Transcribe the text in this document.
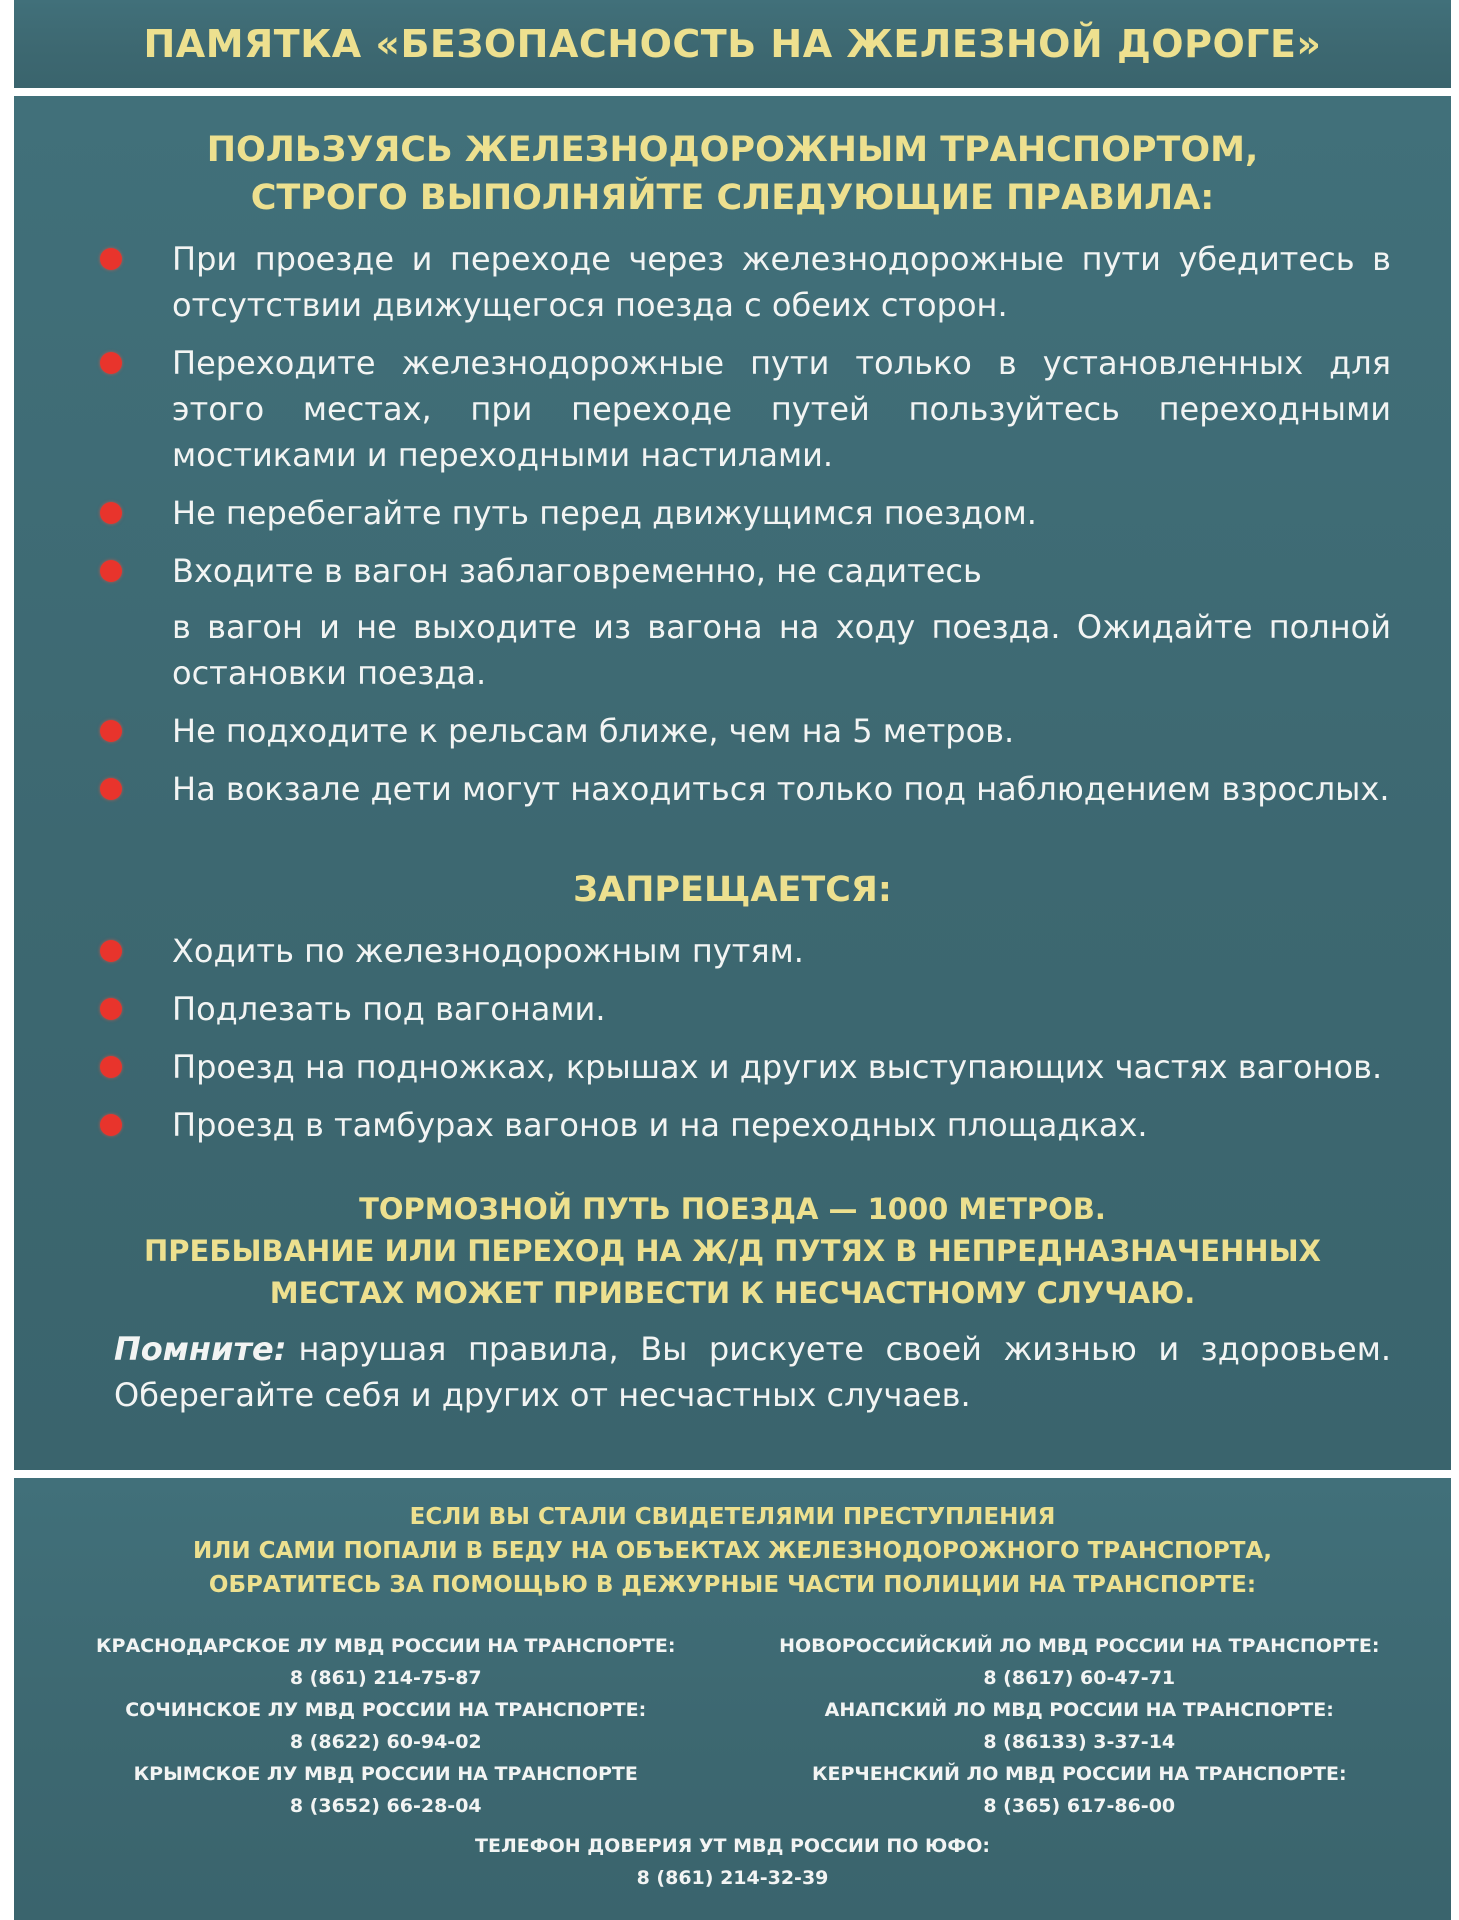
ПАМЯТКА «БЕЗОПАСНОСТЬ НА ЖЕЛЕЗНОЙ ДОРОГЕ»

ПОЛЬЗУЯСЬ ЖЕЛЕЗНОДОРОЖНЫМ ТРАНСПОРТОМ,

СТРОГО ВЫПОЛНЯЙТЕ СЛЕДУЮЩИЕ ПРАВИЛА:

При проезде и переходе через железнодорожные пути убедитесь в отсутствии движущегося поезда с обеих сторон.
Переходите железнодорожные пути только в установленных для этого местах, при переходе путей пользуйтесь переходными мостиками и переходными настилами.
Не перебегайте путь перед движущимся поездом.
Входите в вагон заблаговременно, не садитесь
в вагон и не выходите из вагона на ходу поезда. Ожидайте полной остановки поезда.
Не подходите к рельсам ближе, чем на 5 метров.
На вокзале дети могут находиться только под наблюдением взрослых.

ЗАПРЕЩАЕТСЯ:

Ходить по железнодорожным путям.
Подлезать под вагонами.
Проезд на подножках, крышах и других выступающих частях вагонов.
Проезд в тамбурах вагонов и на переходных площадках.
ТОРМОЗНОЙ ПУТЬ ПОЕЗДА — 1000 МЕТРОВ.
ПРЕБЫВАНИЕ ИЛИ ПЕРЕХОД НА Ж/Д ПУТЯХ В НЕПРЕДНАЗНАЧЕННЫХ
МЕСТАХ МОЖЕТ ПРИВЕСТИ К НЕСЧАСТНОМУ СЛУЧАЮ.
Помните: нарушая правила, Вы рискуете своей жизнью и здоровьем. Оберегайте себя и других от несчастных случаев.
ЕСЛИ ВЫ СТАЛИ СВИДЕТЕЛЯМИ ПРЕСТУПЛЕНИЯ
ИЛИ САМИ ПОПАЛИ В БЕДУ НА ОБЪЕКТАХ ЖЕЛЕЗНОДОРОЖНОГО ТРАНСПОРТА,
ОБРАТИТЕСЬ ЗА ПОМОЩЬЮ В ДЕЖУРНЫЕ ЧАСТИ ПОЛИЦИИ НА ТРАНСПОРТЕ:
КРАСНОДАРСКОЕ ЛУ МВД РОССИИ НА ТРАНСПОРТЕ:
8 (861) 214-75-87
НОВОРОССИЙСКИЙ ЛО МВД РОССИИ НА ТРАНСПОРТЕ:
8 (8617) 60-47-71
СОЧИНСКОЕ ЛУ МВД РОССИИ НА ТРАНСПОРТЕ:
8 (8622) 60-94-02
АНАПСКИЙ ЛО МВД РОССИИ НА ТРАНСПОРТЕ:
8 (86133) 3-37-14
КРЫМСКОЕ ЛУ МВД РОССИИ НА ТРАНСПОРТЕ
8 (3652) 66-28-04
КЕРЧЕНСКИЙ ЛО МВД РОССИИ НА ТРАНСПОРТЕ:
8 (365) 617-86-00
ТЕЛЕФОН ДОВЕРИЯ УТ МВД РОССИИ ПО ЮФО:
8 (861) 214-32-39
